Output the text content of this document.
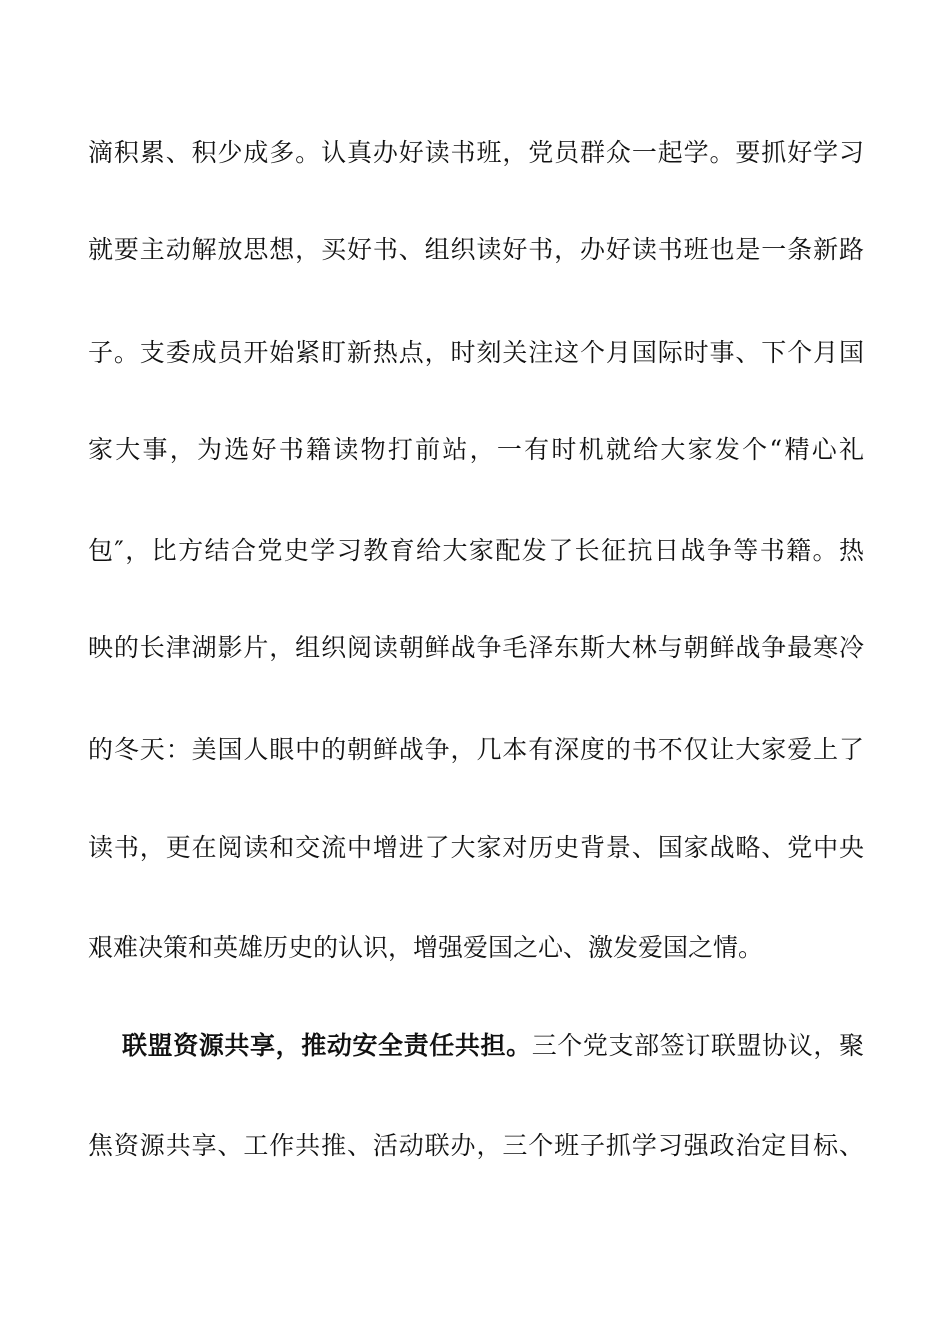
滴积累、积少成多。认真办好读书班，党员群众一起学。要抓好学习
就要主动解放思想，买好书、组织读好书，办好读书班也是一条新路
子。支委成员开始紧盯新热点，时刻关注这个月国际时事、下个月国
家大事，为选好书籍读物打前站，一有时机就给大家发个“精心礼
包″，比方结合党史学习教育给大家配发了长征抗日战争等书籍。热
映的长津湖影片，组织阅读朝鲜战争毛泽东斯大林与朝鲜战争最寒冷
的冬天：美国人眼中的朝鲜战争，几本有深度的书不仅让大家爱上了
读书，更在阅读和交流中增进了大家对历史背景、国家战略、党中央
艰难决策和英雄历史的认识，增强爱国之心、激发爱国之情。
联盟资源共享，推动安全责任共担。三个党支部签订联盟协议，聚
焦资源共享、工作共推、活动联办，三个班子抓学习强政治定目标、
